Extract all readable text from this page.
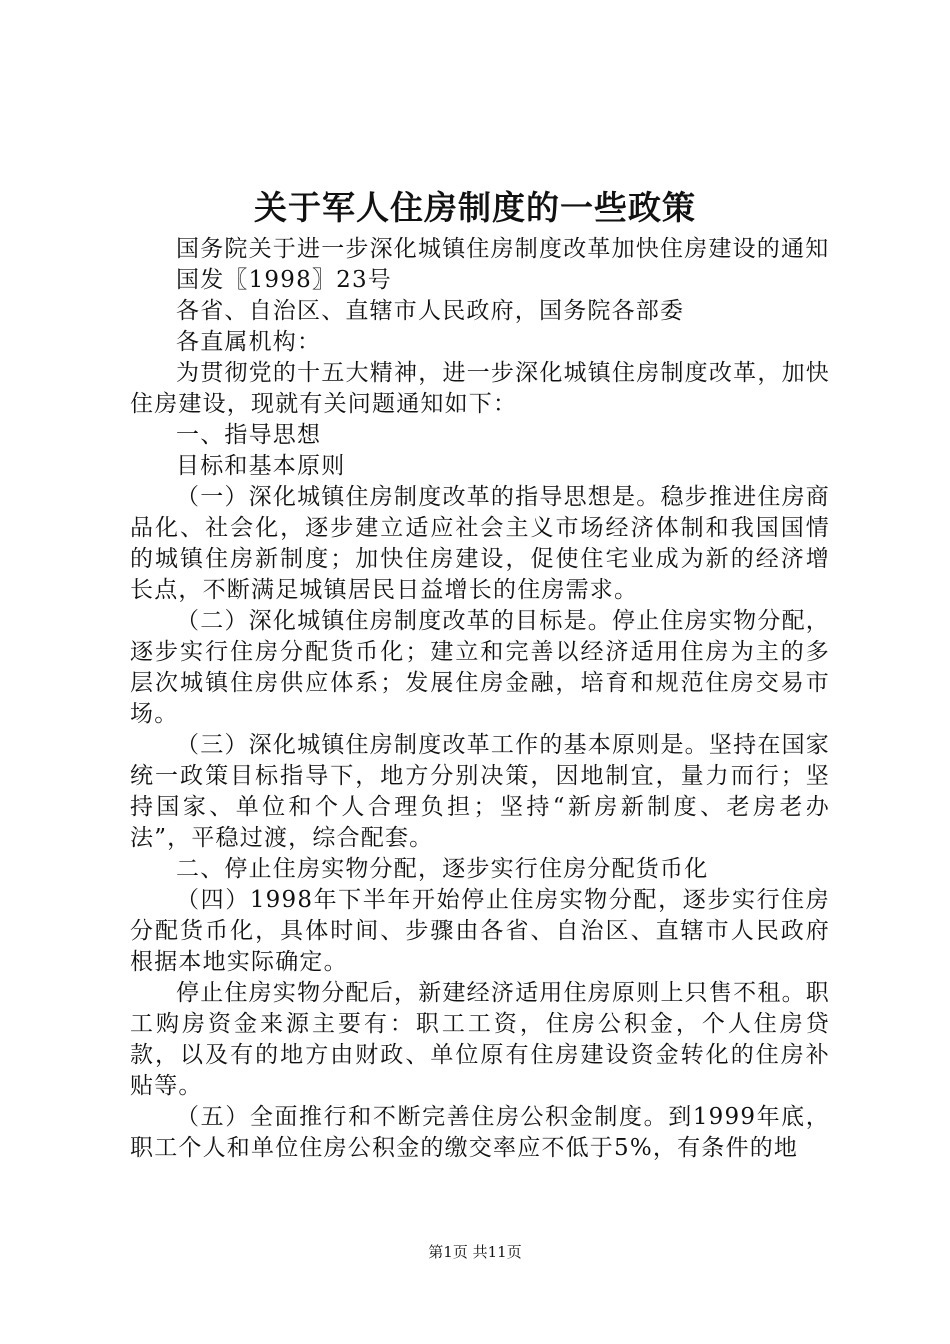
关于军人住房制度的一些政策

国务院关于进一步深化城镇住房制度改革加快住房建设的通知

国发〖1998〗23号

各省、自治区、直辖市人民政府，国务院各部委

各直属机构：

为贯彻党的十五大精神，进一步深化城镇住房制度改革，加快住房建设，现就有关问题通知如下：

一、指导思想

目标和基本原则

（一）深化城镇住房制度改革的指导思想是。稳步推进住房商品化、社会化，逐步建立适应社会主义市场经济体制和我国国情的城镇住房新制度；加快住房建设，促使住宅业成为新的经济增长点，不断满足城镇居民日益增长的住房需求。

（二）深化城镇住房制度改革的目标是。停止住房实物分配，逐步实行住房分配货币化；建立和完善以经济适用住房为主的多层次城镇住房供应体系；发展住房金融，培育和规范住房交易市场。

（三）深化城镇住房制度改革工作的基本原则是。坚持在国家统一政策目标指导下，地方分别决策，因地制宜，量力而行；坚持国家、单位和个人合理负担；坚持“新房新制度、老房老办法”，平稳过渡，综合配套。

二、停止住房实物分配，逐步实行住房分配货币化

（四）1998年下半年开始停止住房实物分配，逐步实行住房分配货币化，具体时间、步骤由各省、自治区、直辖市人民政府根据本地实际确定。

停止住房实物分配后，新建经济适用住房原则上只售不租。职工购房资金来源主要有：职工工资，住房公积金，个人住房贷款，以及有的地方由财政、单位原有住房建设资金转化的住房补贴等。

（五）全面推行和不断完善住房公积金制度。到1999年底，职工个人和单位住房公积金的缴交率应不低于5%，有条件的地

第1页 共11页
